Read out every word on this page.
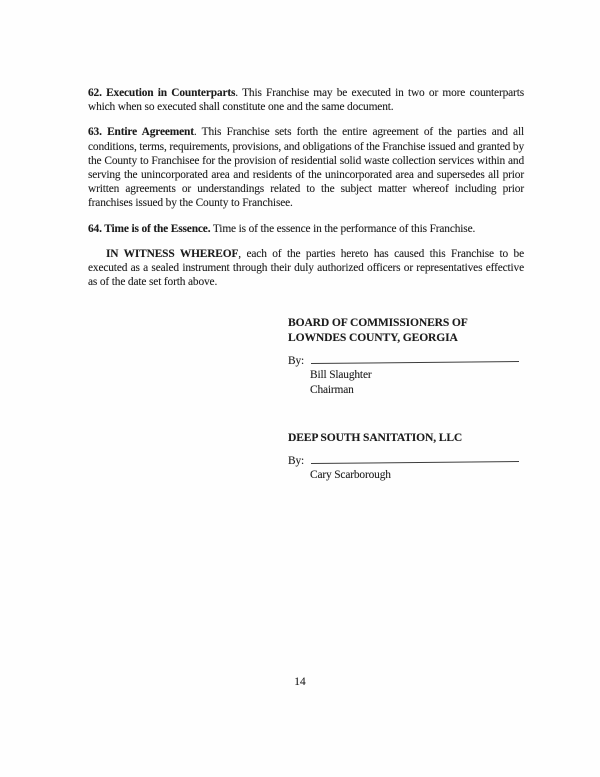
62. Execution in Counterparts. This Franchise may be executed in two or more counterparts which when so executed shall constitute one and the same document.

63. Entire Agreement. This Franchise sets forth the entire agreement of the parties and all conditions, terms, requirements, provisions, and obligations of the Franchise issued and granted by the County to Franchisee for the provision of residential solid waste collection services within and serving the unincorporated area and residents of the unincorporated area and supersedes all prior written agreements or understandings related to the subject matter whereof including prior franchises issued by the County to Franchisee.

64. Time is of the Essence. Time is of the essence in the performance of this Franchise.

IN WITNESS WHEREOF, each of the parties hereto has caused this Franchise to be executed as a sealed instrument through their duly authorized officers or representatives effective as of the date set forth above.

BOARD OF COMMISSIONERS OF
LOWNDES COUNTY, GEORGIA
By:
Bill Slaughter
Chairman
DEEP SOUTH SANITATION, LLC
By:
Cary Scarborough
14
